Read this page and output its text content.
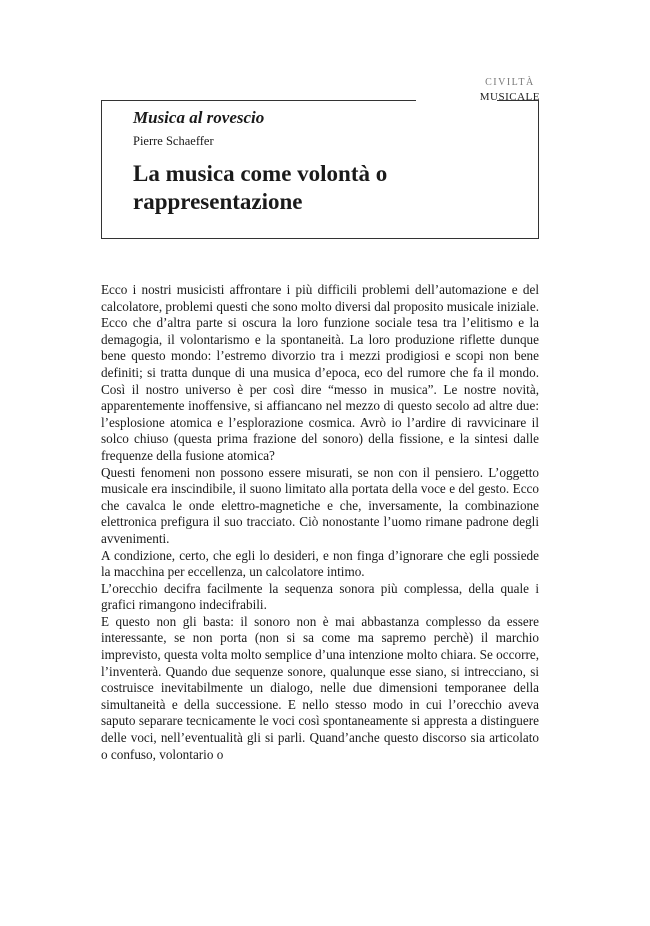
CIVILTÀ
MUSICALE
Musica al rovescio
Pierre Schaeffer
La musica come volontà o rappresentazione

Ecco i nostri musicisti affrontare i più difficili problemi dell’automazione e del calcolatore, problemi questi che sono molto diversi dal proposito musicale iniziale.

Ecco che d’altra parte si oscura la loro funzione sociale tesa tra l’elitismo e la demagogia, il volontarismo e la spontaneità. La loro produzione riflette dunque bene questo mondo: l’estremo divorzio tra i mezzi prodigiosi e scopi non bene definiti; si tratta dunque di una musica d’epoca, eco del rumore che fa il mondo. Così il nostro universo è per così dire “messo in musica”. Le nostre novità, apparentemente inoffensive, si affiancano nel mezzo di questo secolo ad altre due: l’esplosione atomica e l’esplorazione cosmica. Avrò io l’ardire di ravvicinare il solco chiuso (questa prima frazione del sonoro) della fissione, e la sintesi dalle frequenze della fusione atomica?

Questi fenomeni non possono essere misurati, se non con il pensiero. L’oggetto musicale era inscindibile, il suono limitato alla portata della voce e del gesto. Ecco che cavalca le onde elettro-magnetiche e che, inversamente, la combinazione elettronica prefigura il suo tracciato. Ciò nonostante l’uomo rimane padrone degli avvenimenti.

A condizione, certo, che egli lo desideri, e non finga d’ignorare che egli possiede la macchina per eccellenza, un calcolatore intimo.

L’orecchio decifra facilmente la sequenza sonora più complessa, della quale i grafici rimangono indecifrabili.

E questo non gli basta: il sonoro non è mai abbastanza complesso da essere interessante, se non porta (non si sa come ma sapremo perchè) il marchio imprevisto, questa volta molto semplice d’una intenzione molto chiara. Se occorre, l’inventerà. Quando due sequenze sonore, qualunque esse siano, si intrecciano, si costruisce inevitabilmente un dialogo, nelle due dimensioni temporanee della simultaneità e della successione. E nello stesso modo in cui l’orecchio aveva saputo separare tecnicamente le voci così spontaneamente si appresta a distinguere delle voci, nell’eventualità gli si parli. Quand’anche questo discorso sia articolato o confuso, volontario o
